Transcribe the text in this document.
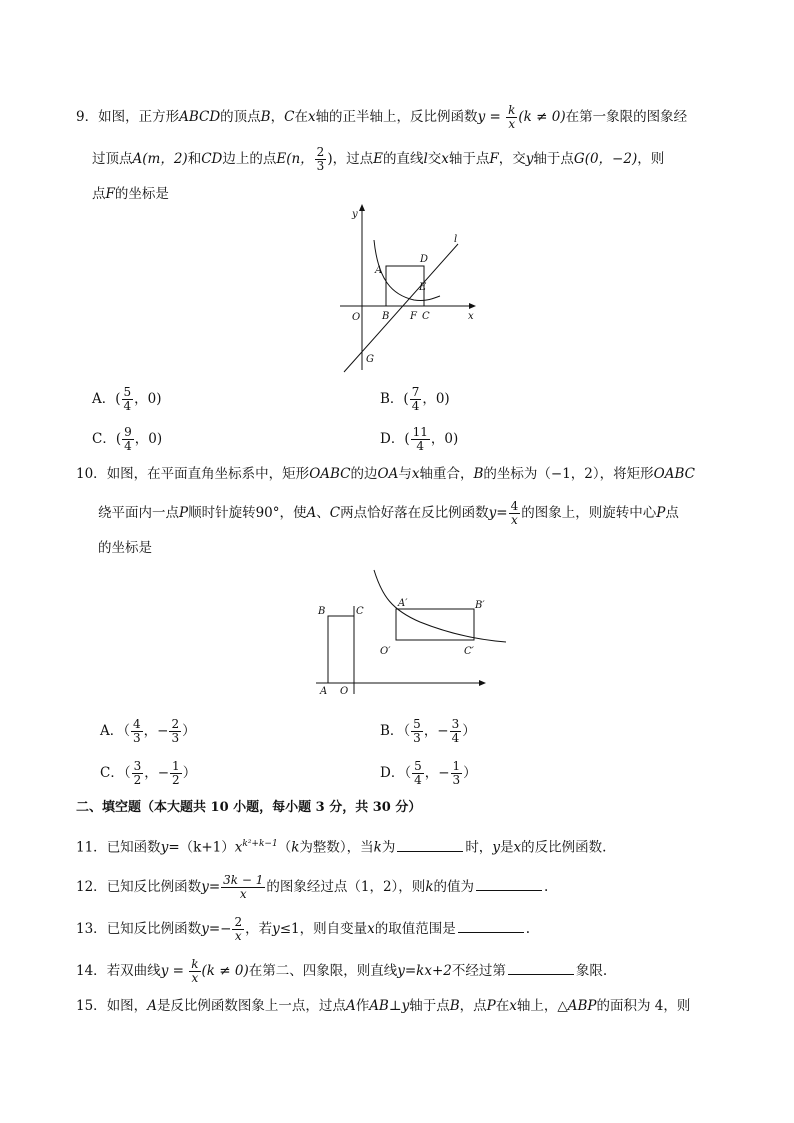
9．如图，正方形ABCD的顶点B，C在x轴的正半轴上，反比例函数$y = \frac{k}{x} (k \ne 0)$在第一象限的图象经
过顶点A(m，2)和CD边上的点E(n， $\frac{2}{3}$ )，过点E的直线l交x轴于点F，交y轴于点G(0，−2)，则
点F的坐标是
y
x
O
A
D
E
B F C
G
l
A．( $\frac{5}{4}$ ，0)	B．( $\frac{7}{4}$ ，0)
C．( $\frac{9}{4}$ ，0)	D．( $\frac{11}{4}$ ，0)
10．如图，在平面直角坐标系中，矩形OABC的边OA与x轴重合，B的坐标为（−1，2），将矩形OABC
绕平面内一点P顺时针旋转90°，使A、C两点恰好落在反比例函数$y= \frac{4}{x}$ 的图象上，则旋转中心P点
的坐标是
B	C
A O
A′	B′
O′	C′
A．（ $\frac{4}{3}$ ，− $\frac{2}{3}$ ）	B．（ $\frac{5}{3}$ ，− $\frac{3}{4}$ ）
C．（ $\frac{3}{2}$ ，− $\frac{1}{2}$ ）	D．（ $\frac{5}{4}$ ，− $\frac{1}{3}$ ）
二、填空题（本大题共 10 小题，每小题 3 分，共 30 分）
11．已知函数$y=(k+1)x^{k^2+k-1}(k$为整数），当k为	时，y是x的反比例函数.
12．已知反比例函数$y= \frac{3k - 1}{x}$ 的图象经过点（1，2），则k的值为	.
13．已知反比例函数$y=- \frac{2}{x}$ ，若y≤1，则自变量x的取值范围是	.
14．若双曲线$y = \frac{k}{x} (k \ne 0)$在第二、四象限，则直线y=kx+2不经过第	象限.
15．如图，A是反比例函数图象上一点，过点A作AB⊥y轴于点B，点P在x轴上，△ABP的面积为 4，则
